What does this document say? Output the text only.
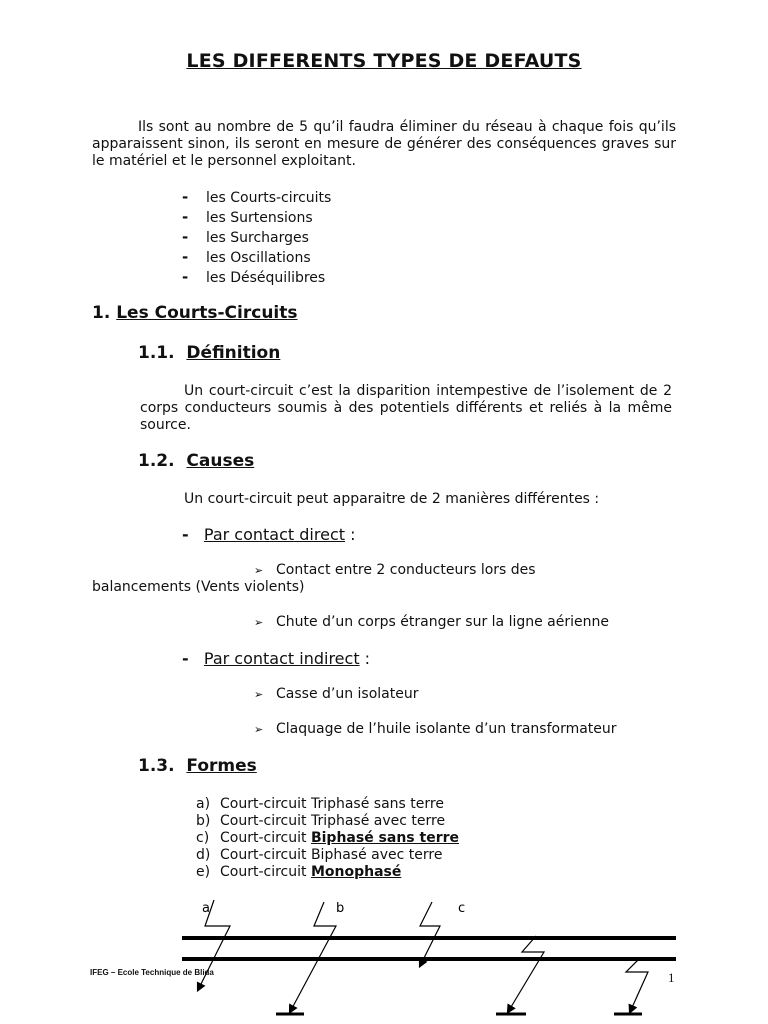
LES DIFFERENTS TYPES DE DEFAUTS
Ils sont au nombre de 5 qu’il faudra éliminer du réseau à chaque fois qu’ils apparaissent sinon, ils seront en mesure de générer des conséquences graves sur le matériel et le personnel exploitant.
- les Courts-circuits
- les Surtensions
- les Surcharges
- les Oscillations
- les Déséquilibres
1. Les Courts-Circuits
1.1. Définition
Un court-circuit c’est la disparition intempestive de l’isolement de 2 corps conducteurs soumis à des potentiels différents et reliés à la même source.
1.2. Causes
Un court-circuit peut apparaitre de 2 manières différentes :
- Par contact direct :
➢ Contact entre 2 conducteurs lors des
balancements (Vents violents)
➢ Chute d’un corps étranger sur la ligne aérienne
- Par contact indirect :
➢ Casse d’un isolateur
➢ Claquage de l’huile isolante d’un transformateur
1.3. Formes
a) Court-circuit Triphasé sans terre
b) Court-circuit Triphasé avec terre
c) Court-circuit Biphasé sans terre
d) Court-circuit Biphasé avec terre
e) Court-circuit Monophasé
a	b	c
IFEG – Ecole Technique de Blida	1
